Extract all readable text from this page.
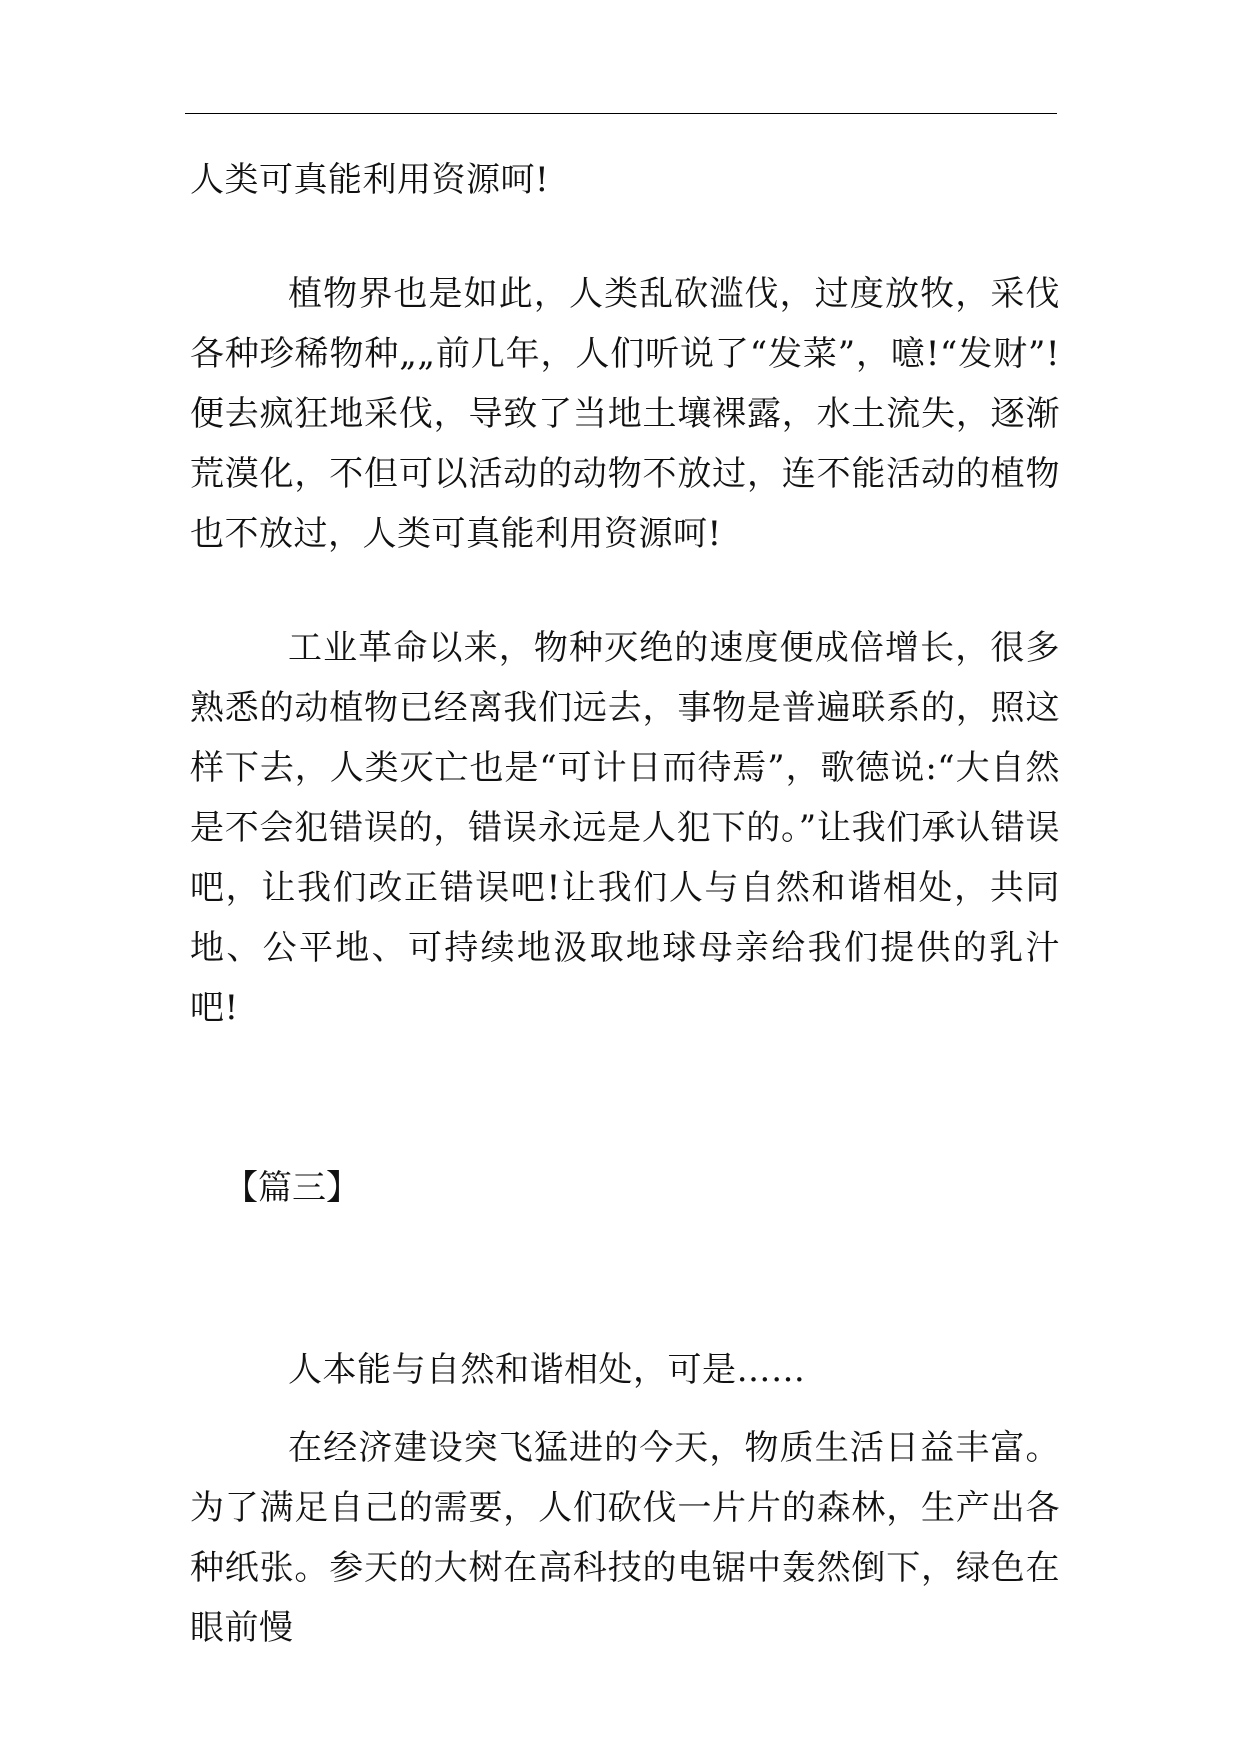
人类可真能利用资源呵!

植物界也是如此，人类乱砍滥伐，过度放牧，采伐各种珍稀物种„„前几年，人们听说了“发菜”，噫!“发财”!便去疯狂地采伐，导致了当地土壤裸露，水土流失，逐渐荒漠化，不但可以活动的动物不放过，连不能活动的植物也不放过，人类可真能利用资源呵!

工业革命以来，物种灭绝的速度便成倍增长，很多熟悉的动植物已经离我们远去，事物是普遍联系的，照这样下去，人类灭亡也是“可计日而待焉”，歌德说:“大自然是不会犯错误的，错误永远是人犯下的。”让我们承认错误吧，让我们改正错误吧!让我们人与自然和谐相处，共同地、公平地、可持续地汲取地球母亲给我们提供的乳汁吧!

【篇三】

人本能与自然和谐相处，可是……

在经济建设突飞猛进的今天，物质生活日益丰富。为了满足自己的需要，人们砍伐一片片的森林，生产出各种纸张。参天的大树在高科技的电锯中轰然倒下，绿色在眼前慢
